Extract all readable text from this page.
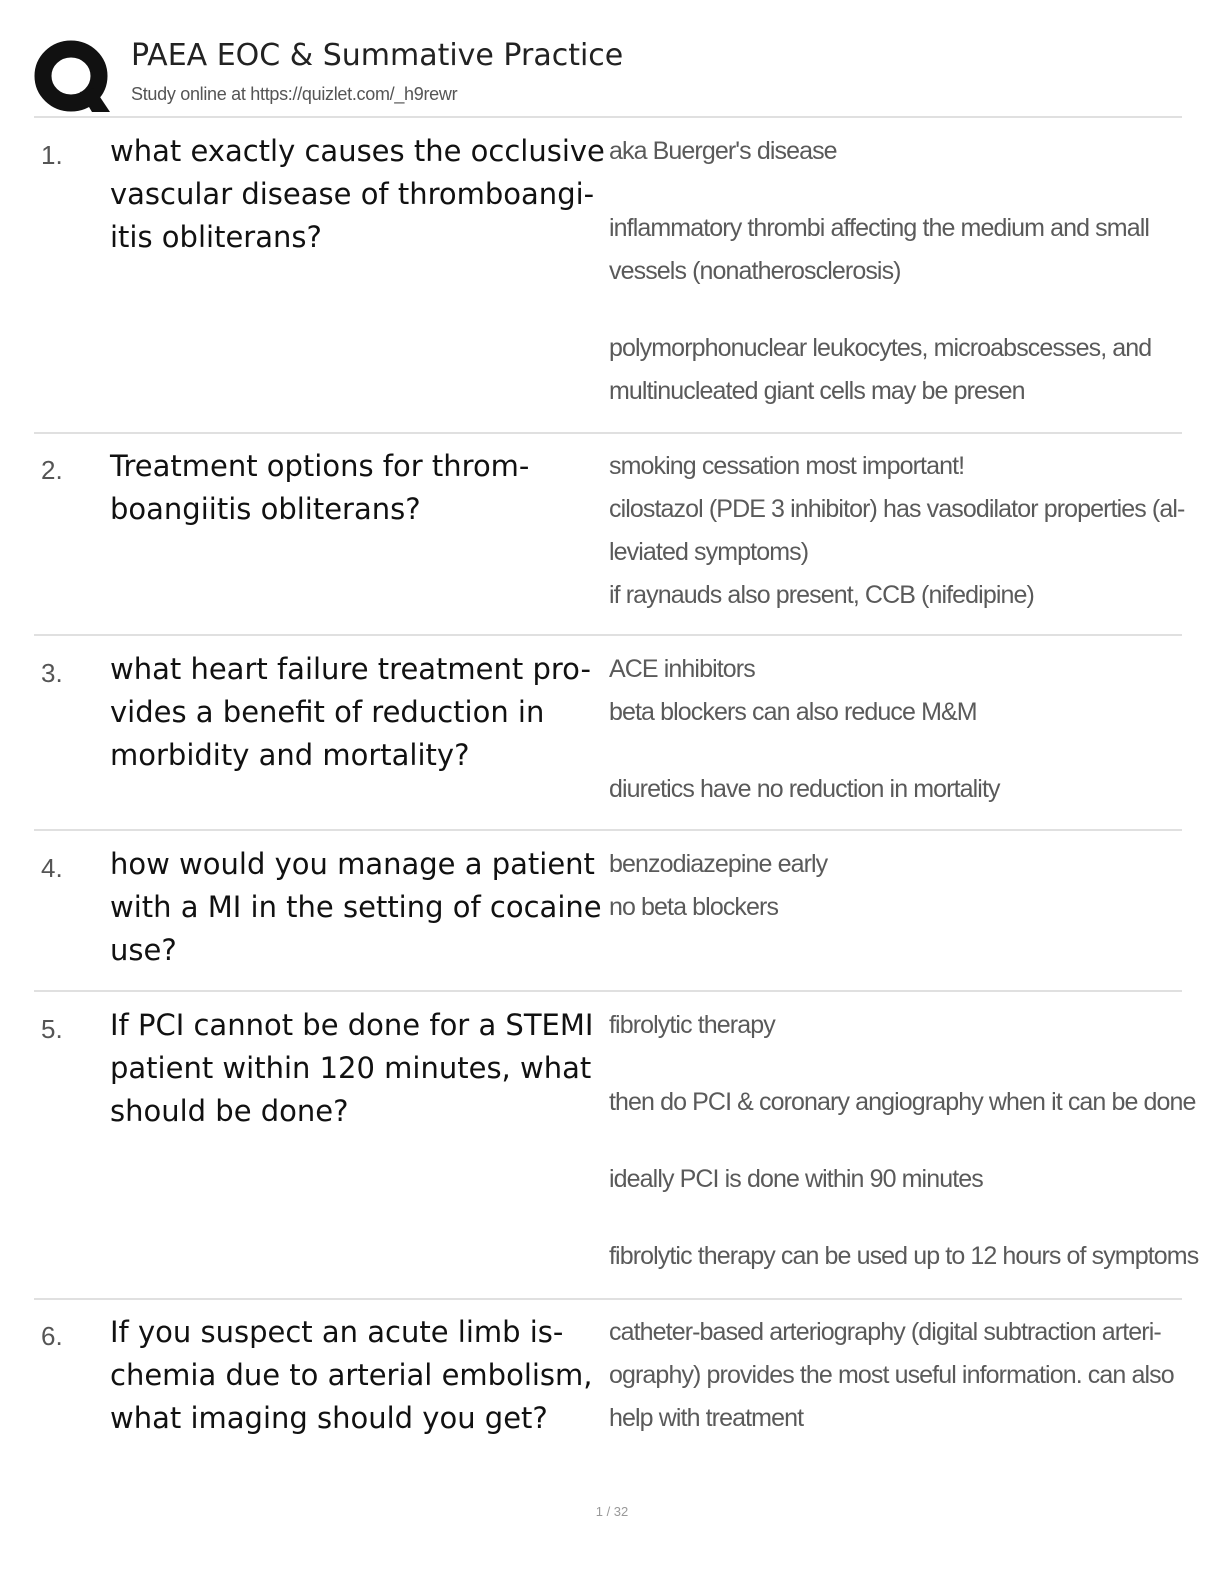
PAEA EOC & Summative Practice
Study online at https://quizlet.com/_h9rewr
1. what exactly causes the occlusive
vascular disease of thromboangi-
itis obliterans?
aka Buerger's disease
inflammatory thrombi affecting the medium and small
vessels (nonatherosclerosis)
polymorphonuclear leukocytes, microabscesses, and
multinucleated giant cells may be presen
2. Treatment options for throm-
boangiitis obliterans?
smoking cessation most important!
cilostazol (PDE 3 inhibitor) has vasodilator properties (al-
leviated symptoms)
if raynauds also present, CCB (nifedipine)
3. what heart failure treatment pro-
vides a benefit of reduction in
morbidity and mortality?
ACE inhibitors
beta blockers can also reduce M&M
diuretics have no reduction in mortality
4. how would you manage a patient
with a MI in the setting of cocaine
use?
benzodiazepine early
no beta blockers
5. If PCI cannot be done for a STEMI
patient within 120 minutes, what
should be done?
fibrolytic therapy
then do PCI & coronary angiography when it can be done
ideally PCI is done within 90 minutes
fibrolytic therapy can be used up to 12 hours of symptoms
6. If you suspect an acute limb is-
chemia due to arterial embolism,
what imaging should you get?
catheter-based arteriography (digital subtraction arteri-
ography) provides the most useful information. can also
help with treatment
1 / 32
